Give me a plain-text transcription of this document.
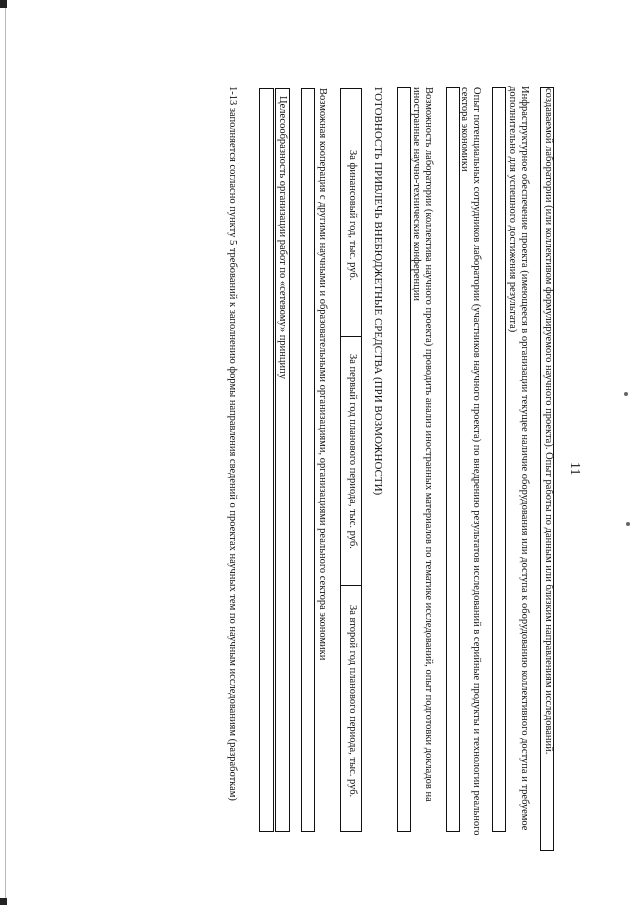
11
создаваемой лаборатории (или коллективом формулируемого научного проекта). Опыт работы по данным или близким направлениям исследований.
Инфраструктурное обеспечение проекта (имеющееся в организации текущее наличие оборудования или доступа к оборудованию коллективного доступа и требуемое
дополнительно для успешного достижения результата)
Опыт потенциальных сотрудников лаборатории (участников научного проекта) по внедрению результатов исследований в серийные продукты и технологии реального
сектора экономики
Возможность лаборатории (коллектива научного проекта) проводить анализ иностранных материалов по тематике исследований, опыт подготовки докладов на
иностранные научно-технические конференции
ГОТОВНОСТЬ ПРИВЛЕЧЬ ВНЕБЮДЖЕТНЫЕ СРЕДСТВА (ПРИ ВОЗМОЖНОСТИ)
За финансовый год, тыс. руб.
За первый год планового периода, тыс. руб.
За второй год планового периода, тыс. руб.
Возможная кооперация с другими научными и образовательными организациями, организациями реального сектора экономики
Целесообразность организации работ по «сетевому» принципу
1-13 заполняется согласно пункту 5 требований к заполнению формы направления сведений о проектах научных тем по научным исследованиям (разработкам)
